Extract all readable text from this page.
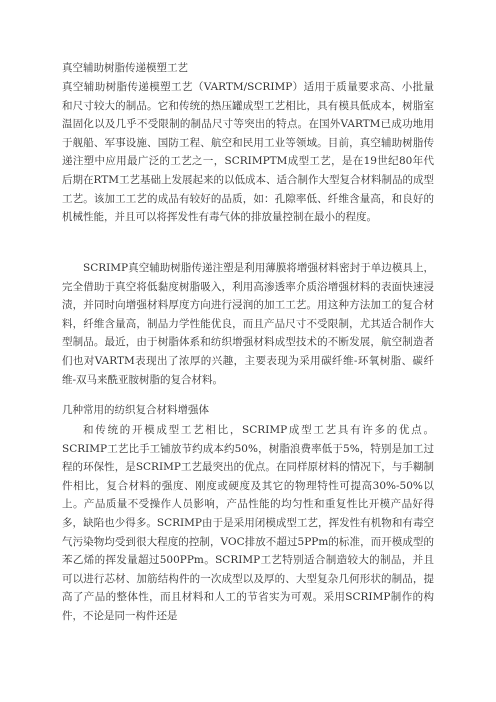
真空辅助树脂传递模塑工艺

真空辅助树脂传递模塑工艺（VARTM/SCRIMP）适用于质量要求高、小批量和尺寸较大的制品。它和传统的热压罐成型工艺相比，具有模具低成本，树脂室温固化以及几乎不受限制的制品尺寸等突出的特点。在国外VARTM已成功地用于舰船、军事设施、国防工程、航空和民用工业等领域。目前，真空辅助树脂传递注塑中应用最广泛的工艺之一，SCRIMPTM成型工艺，是在19世纪80年代后期在RTM工艺基础上发展起来的以低成本、适合制作大型复合材料制品的成型工艺。该加工工艺的成品有较好的品质，如：孔隙率低、纤维含量高，和良好的机械性能，并且可以将挥发性有毒气体的排放量控制在最小的程度。

SCRIMP真空辅助树脂传递注塑是利用薄膜将增强材料密封于单边模具上，完全借助于真空将低黏度树脂吸入，利用高渗透率介质浴增强材料的表面快速浸渍，并同时向增强材料厚度方向进行浸润的加工工艺。用这种方法加工的复合材料，纤维含量高，制品力学性能优良，而且产品尺寸不受限制，尤其适合制作大型制品。最近，由于树脂体系和纺织增强材料成型技术的不断发展，航空制造者们也对VARTM表现出了浓厚的兴趣，主要表现为采用碳纤维-环氧树脂、碳纤维-双马来酰亚胺树脂的复合材料。

几种常用的纺织复合材料增强体

和传统的开模成型工艺相比，SCRIMP成型工艺具有许多的优点。SCRIMP工艺比手工铺放节约成本约50%，树脂浪费率低于5%，特别是加工过程的环保性，是SCRIMP工艺最突出的优点。在同样原材料的情况下，与手糊制件相比，复合材料的强度、刚度或硬度及其它的物理特性可提高30%-50%以上。产品质量不受操作人员影响，产品性能的均匀性和重复性比开模产品好得多，缺陷也少得多。SCRIMP由于是采用闭模成型工艺，挥发性有机物和有毒空气污染物均受到很大程度的控制，VOC排放不超过5PPm的标准，而开模成型的苯乙烯的挥发量超过500PPm。SCRIMP工艺特别适合制造较大的制品，并且可以进行芯材、加筋结构件的一次成型以及厚的、大型复杂几何形状的制品，提高了产品的整体性，而且材料和人工的节省实为可观。采用SCRIMP制作的构件，不论是同一构件还是
